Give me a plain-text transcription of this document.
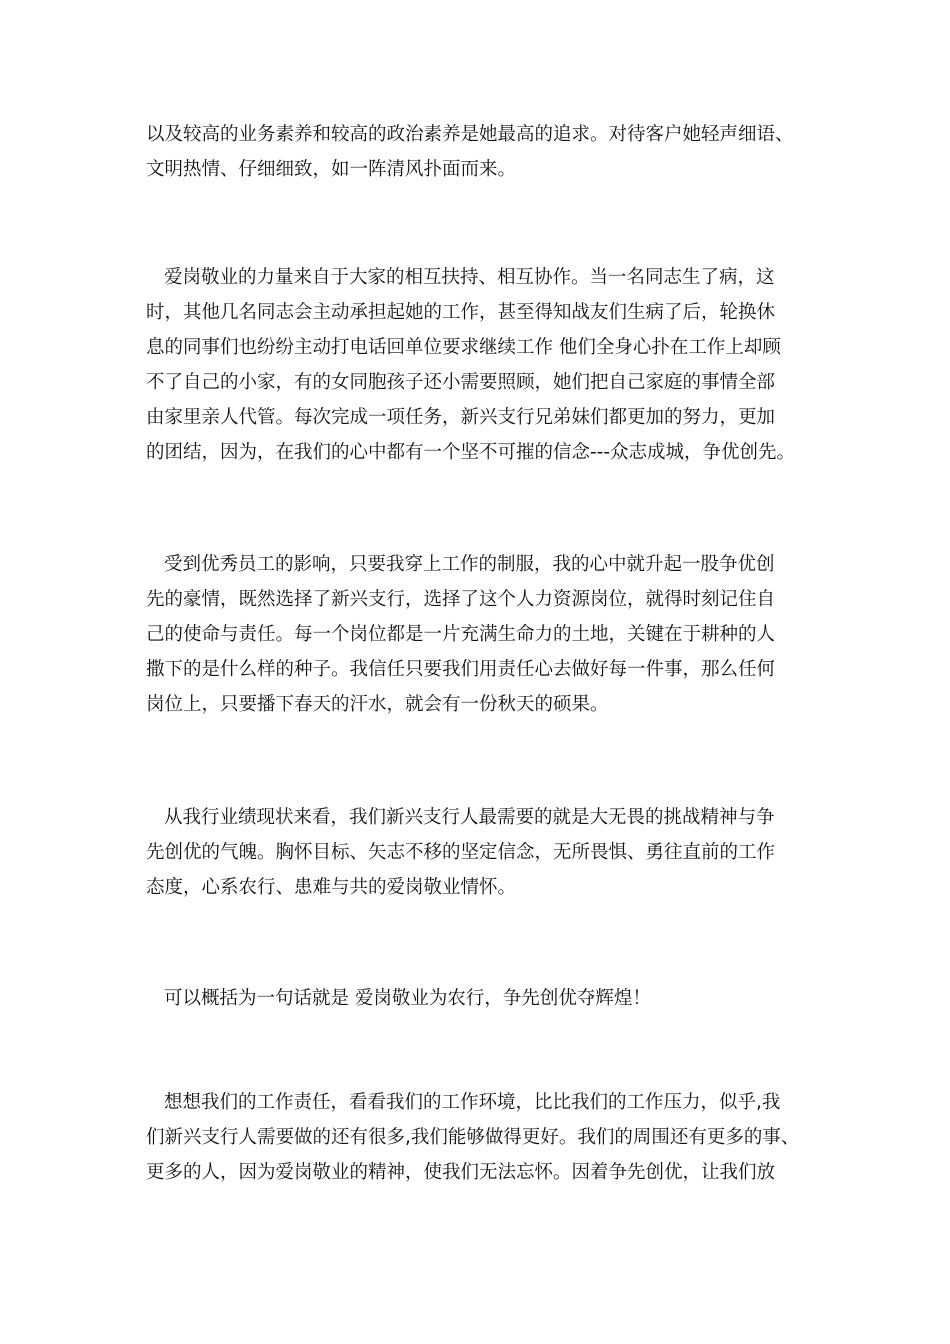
以及较高的业务素养和较高的政治素养是她最高的追求。对待客户她轻声细语、
文明热情、仔细细致，如一阵清风扑面而来。
爱岗敬业的力量来自于大家的相互扶持、相互协作。当一名同志生了病，这
时，其他几名同志会主动承担起她的工作，甚至得知战友们生病了后，轮换休
息的同事们也纷纷主动打电话回单位要求继续工作 他们全身心扑在工作上却顾
不了自己的小家，有的女同胞孩子还小需要照顾，她们把自己家庭的事情全部
由家里亲人代管。每次完成一项任务，新兴支行兄弟妹们都更加的努力，更加
的团结，因为，在我们的心中都有一个坚不可摧的信念---众志成城，争优创先。
受到优秀员工的影响，只要我穿上工作的制服，我的心中就升起一股争优创
先的豪情，既然选择了新兴支行，选择了这个人力资源岗位，就得时刻记住自
己的使命与责任。每一个岗位都是一片充满生命力的土地，关键在于耕种的人
撒下的是什么样的种子。我信任只要我们用责任心去做好每一件事，那么任何
岗位上，只要播下春天的汗水，就会有一份秋天的硕果。
从我行业绩现状来看，我们新兴支行人最需要的就是大无畏的挑战精神与争
先创优的气魄。胸怀目标、矢志不移的坚定信念，无所畏惧、勇往直前的工作
态度，心系农行、患难与共的爱岗敬业情怀。
可以概括为一句话就是 爱岗敬业为农行，争先创优夺辉煌！
想想我们的工作责任，看看我们的工作环境，比比我们的工作压力，似乎,我
们新兴支行人需要做的还有很多,我们能够做得更好。我们的周围还有更多的事、
更多的人，因为爱岗敬业的精神，使我们无法忘怀。因着争先创优，让我们放
